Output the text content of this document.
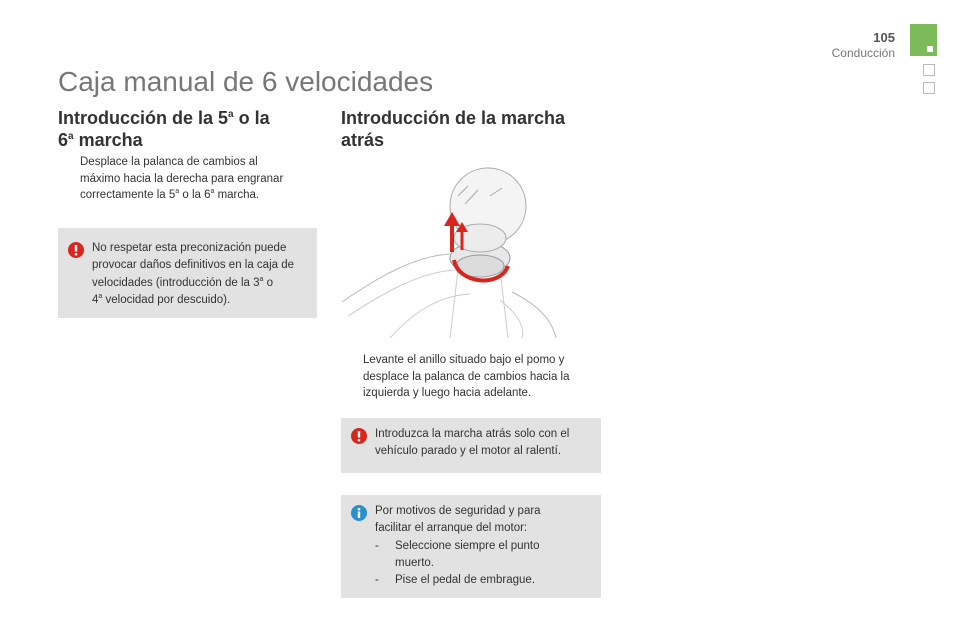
105
Conducción
Caja manual de 6 velocidades
Introducción de la 5$^a$ o la
6$^a$ marcha
Desplace la palanca de cambios al
máximo hacia la derecha para engranar
correctamente la 5$^a$ o la 6$^a$ marcha.
No respetar esta preconización puede
provocar daños definitivos en la caja de
velocidades (introducción de la 3$^a$ o
4$^a$ velocidad por descuido).
Introducción de la marcha
atrás
Levante el anillo situado bajo el pomo y
desplace la palanca de cambios hacia la
izquierda y luego hacia adelante.
Introduzca la marcha atrás solo con el
vehículo parado y el motor al ralentí.
Por motivos de seguridad y para
facilitar el arranque del motor:
-	Seleccione siempre el punto
muerto.
-	Pise el pedal de embrague.
